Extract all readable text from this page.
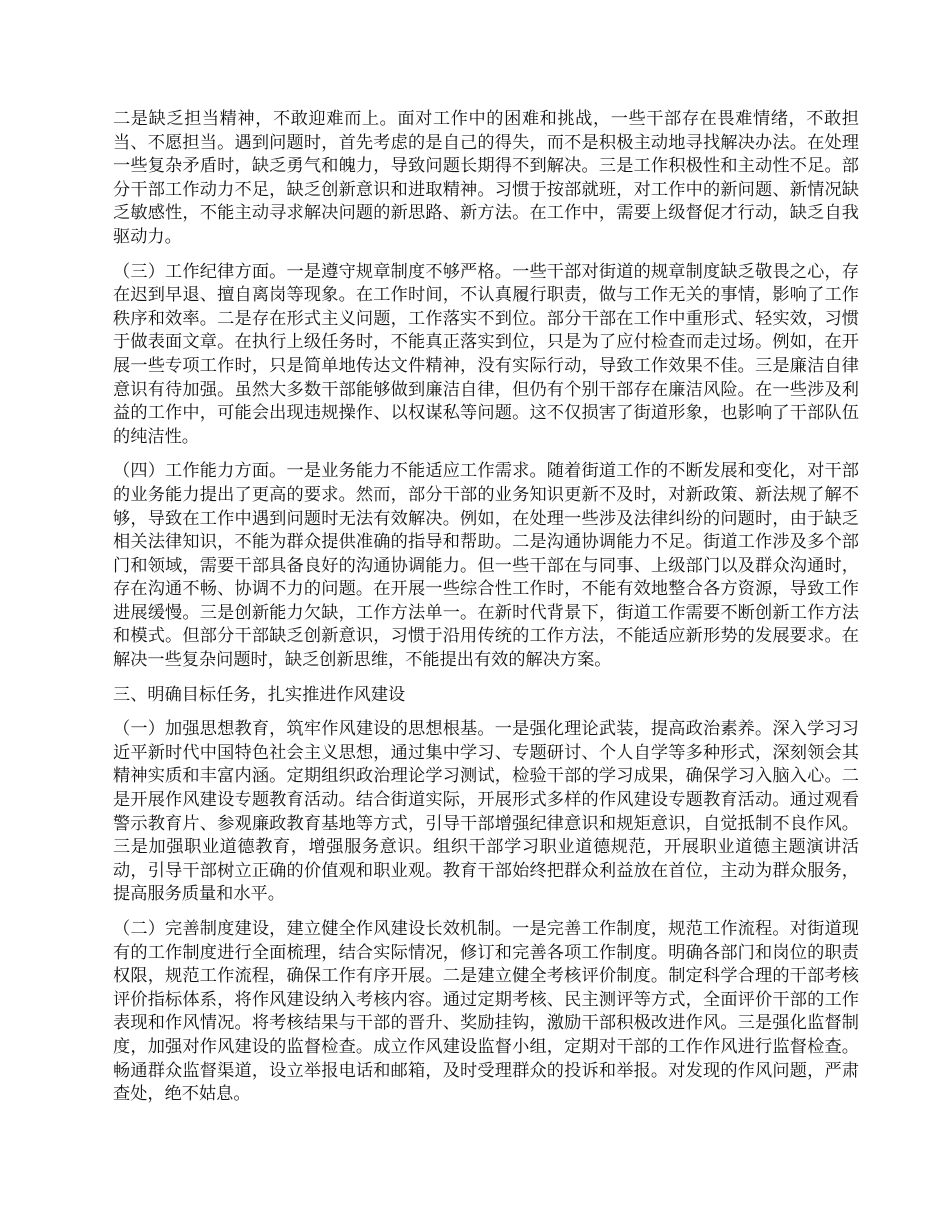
二是缺乏担当精神，不敢迎难而上。面对工作中的困难和挑战，一些干部存在畏难情绪，不敢担当、不愿担当。遇到问题时，首先考虑的是自己的得失，而不是积极主动地寻找解决办法。在处理一些复杂矛盾时，缺乏勇气和魄力，导致问题长期得不到解决。三是工作积极性和主动性不足。部分干部工作动力不足，缺乏创新意识和进取精神。习惯于按部就班，对工作中的新问题、新情况缺乏敏感性，不能主动寻求解决问题的新思路、新方法。在工作中，需要上级督促才行动，缺乏自我驱动力。

（三）工作纪律方面。一是遵守规章制度不够严格。一些干部对街道的规章制度缺乏敬畏之心，存在迟到早退、擅自离岗等现象。在工作时间，不认真履行职责，做与工作无关的事情，影响了工作秩序和效率。二是存在形式主义问题，工作落实不到位。部分干部在工作中重形式、轻实效，习惯于做表面文章。在执行上级任务时，不能真正落实到位，只是为了应付检查而走过场。例如，在开展一些专项工作时，只是简单地传达文件精神，没有实际行动，导致工作效果不佳。三是廉洁自律意识有待加强。虽然大多数干部能够做到廉洁自律，但仍有个别干部存在廉洁风险。在一些涉及利益的工作中，可能会出现违规操作、以权谋私等问题。这不仅损害了街道形象，也影响了干部队伍的纯洁性。

（四）工作能力方面。一是业务能力不能适应工作需求。随着街道工作的不断发展和变化，对干部的业务能力提出了更高的要求。然而，部分干部的业务知识更新不及时，对新政策、新法规了解不够，导致在工作中遇到问题时无法有效解决。例如，在处理一些涉及法律纠纷的问题时，由于缺乏相关法律知识，不能为群众提供准确的指导和帮助。二是沟通协调能力不足。街道工作涉及多个部门和领域，需要干部具备良好的沟通协调能力。但一些干部在与同事、上级部门以及群众沟通时，存在沟通不畅、协调不力的问题。在开展一些综合性工作时，不能有效地整合各方资源，导致工作进展缓慢。三是创新能力欠缺，工作方法单一。在新时代背景下，街道工作需要不断创新工作方法和模式。但部分干部缺乏创新意识，习惯于沿用传统的工作方法，不能适应新形势的发展要求。在解决一些复杂问题时，缺乏创新思维，不能提出有效的解决方案。

三、明确目标任务，扎实推进作风建设

（一）加强思想教育，筑牢作风建设的思想根基。一是强化理论武装，提高政治素养。深入学习习近平新时代中国特色社会主义思想，通过集中学习、专题研讨、个人自学等多种形式，深刻领会其精神实质和丰富内涵。定期组织政治理论学习测试，检验干部的学习成果，确保学习入脑入心。二是开展作风建设专题教育活动。结合街道实际，开展形式多样的作风建设专题教育活动。通过观看警示教育片、参观廉政教育基地等方式，引导干部增强纪律意识和规矩意识，自觉抵制不良作风。三是加强职业道德教育，增强服务意识。组织干部学习职业道德规范，开展职业道德主题演讲活动，引导干部树立正确的价值观和职业观。教育干部始终把群众利益放在首位，主动为群众服务，提高服务质量和水平。

（二）完善制度建设，建立健全作风建设长效机制。一是完善工作制度，规范工作流程。对街道现有的工作制度进行全面梳理，结合实际情况，修订和完善各项工作制度。明确各部门和岗位的职责权限，规范工作流程，确保工作有序开展。二是建立健全考核评价制度。制定科学合理的干部考核评价指标体系，将作风建设纳入考核内容。通过定期考核、民主测评等方式，全面评价干部的工作表现和作风情况。将考核结果与干部的晋升、奖励挂钩，激励干部积极改进作风。三是强化监督制度，加强对作风建设的监督检查。成立作风建设监督小组，定期对干部的工作作风进行监督检查。畅通群众监督渠道，设立举报电话和邮箱，及时受理群众的投诉和举报。对发现的作风问题，严肃查处，绝不姑息。
